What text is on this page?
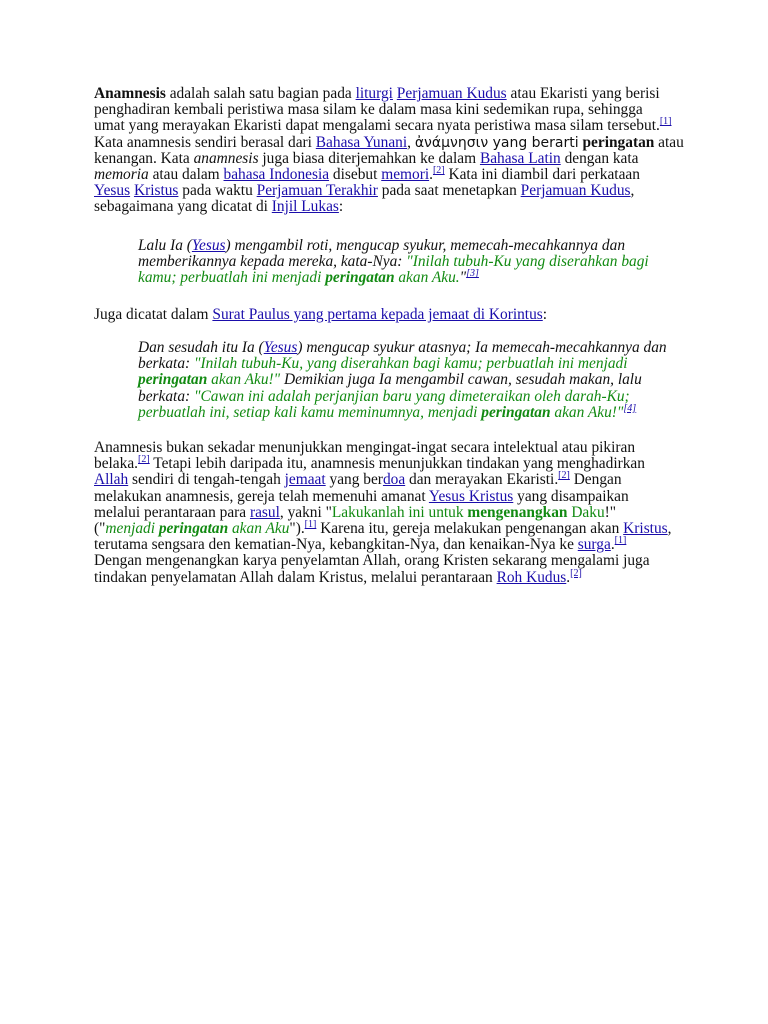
Anamnesis adalah salah satu bagian pada liturgi Perjamuan Kudus atau Ekaristi yang berisi
penghadiran kembali peristiwa masa silam ke dalam masa kini sedemikan rupa, sehingga
umat yang merayakan Ekaristi dapat mengalami secara nyata peristiwa masa silam tersebut.[1]
Kata anamnesis sendiri berasal dari Bahasa Yunani, ἀνάμνησιν yang berarti peringatan atau
kenangan. Kata anamnesis juga biasa diterjemahkan ke dalam Bahasa Latin dengan kata
memoria atau dalam bahasa Indonesia disebut memori.[2] Kata ini diambil dari perkataan
Yesus Kristus pada waktu Perjamuan Terakhir pada saat menetapkan Perjamuan Kudus,
sebagaimana yang dicatat di Injil Lukas:

Lalu Ia (Yesus) mengambil roti, mengucap syukur, memecah-mecahkannya dan
memberikannya kepada mereka, kata-Nya: "Inilah tubuh-Ku yang diserahkan bagi
kamu; perbuatlah ini menjadi peringatan akan Aku."[3]

Juga dicatat dalam Surat Paulus yang pertama kepada jemaat di Korintus:

Dan sesudah itu Ia (Yesus) mengucap syukur atasnya; Ia memecah-mecahkannya dan
berkata: "Inilah tubuh-Ku, yang diserahkan bagi kamu; perbuatlah ini menjadi
peringatan akan Aku!" Demikian juga Ia mengambil cawan, sesudah makan, lalu
berkata: "Cawan ini adalah perjanjian baru yang dimeteraikan oleh darah-Ku;
perbuatlah ini, setiap kali kamu meminumnya, menjadi peringatan akan Aku!"[4]

Anamnesis bukan sekadar menunjukkan mengingat-ingat secara intelektual atau pikiran
belaka.[2] Tetapi lebih daripada itu, anamnesis menunjukkan tindakan yang menghadirkan
Allah sendiri di tengah-tengah jemaat yang berdoa dan merayakan Ekaristi.[2] Dengan
melakukan anamnesis, gereja telah memenuhi amanat Yesus Kristus yang disampaikan
melalui perantaraan para rasul, yakni "Lakukanlah ini untuk mengenangkan Daku!"
("menjadi peringatan akan Aku").[1] Karena itu, gereja melakukan pengenangan akan Kristus,
terutama sengsara den kematian-Nya, kebangkitan-Nya, dan kenaikan-Nya ke surga.[1]
Dengan mengenangkan karya penyelamtan Allah, orang Kristen sekarang mengalami juga
tindakan penyelamatan Allah dalam Kristus, melalui perantaraan Roh Kudus.[2]
